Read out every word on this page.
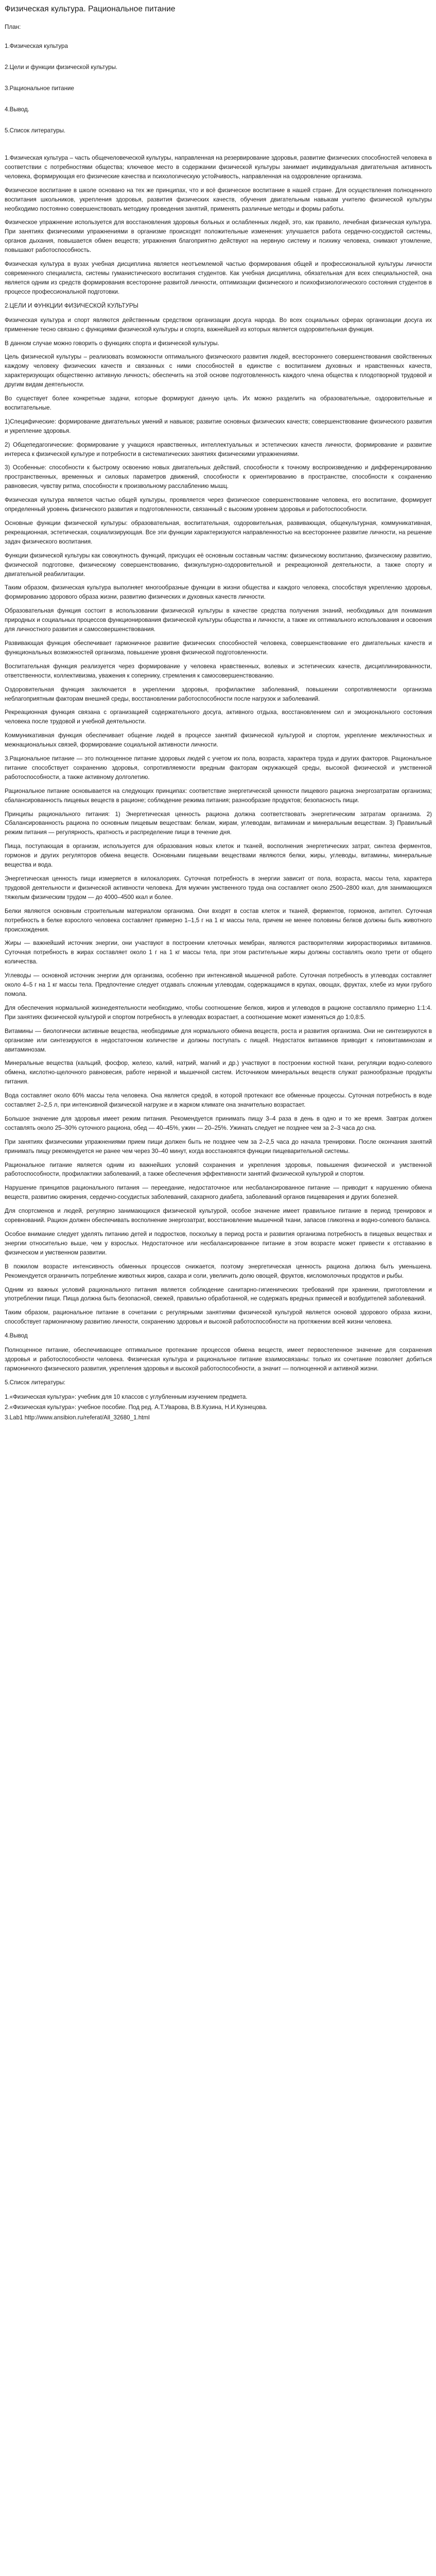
Физическая культура. Рациональное питание
План:
1.Физическая культура
2.Цели и функции физической культуры.
3.Рациональное питание
4.Вывод.
5.Список литературы.

1.Физическая культура – часть общечеловеческой культуры, направленная на резервирование здоровья, развитие физических способностей человека в соответствии с потребностями общества; ключевое место в содержании физической культуры занимает индивидуальная двигательная активность человека, формирующая его физические качества и психологическую устойчивость, направленная на оздоровление организма.

Физическое воспитание в школе основано на тех же принципах, что и всё физическое воспитание в нашей стране. Для осуществления полноценного воспитания школьников, укрепления здоровья, развития физических качеств, обучения двигательным навыкам учителю физической культуры необходимо постоянно совершенствовать методику проведения занятий, применять различные методы и формы работы.

Физическое упражнение используется для восстановления здоровья больных и ослабленных людей, это, как правило, лечебная физическая культура. При занятиях физическими упражнениями в организме происходят положительные изменения: улучшается работа сердечно-сосудистой системы, органов дыхания, повышается обмен веществ; упражнения благоприятно действуют на нервную систему и психику человека, снимают утомление, повышают работоспособность.

Физическая культура в вузах учебная дисциплина является неотъемлемой частью формирования общей и профессиональной культуры личности современного специалиста, системы гуманистического воспитания студентов. Как учебная дисциплина, обязательная для всех специальностей, она является одним из средств формирования всесторонне развитой личности, оптимизации физического и психофизиологического состояния студентов в процессе профессиональной подготовки.

2.ЦЕЛИ И ФУНКЦИИ ФИЗИЧЕСКОЙ КУЛЬТУРЫ

Физическая культура и спорт являются действенным средством организации досуга народа. Во всех социальных сферах организации досуга их применение тесно связано с функциями физической культуры и спорта, важнейшей из которых является оздоровительная функция.

В данном случае можно говорить о функциях спорта и физической культуры.

Цель физической культуры – реализовать возможности оптимального физического развития людей, всестороннего совершенствования свойственных каждому человеку физических качеств и связанных с ними способностей в единстве с воспитанием духовных и нравственных качеств, характеризующих общественно активную личность; обеспечить на этой основе подготовленность каждого члена общества к плодотворной трудовой и другим видам деятельности.

Во существует более конкретные задачи, которые формируют данную цель. Их можно разделить на образовательные, оздоровительные и воспитательные.

1)Специфические: формирование двигательных умений и навыков; развитие основных физических качеств; совершенствование физического развития и укрепление здоровья.

2) Общепедагогические: формирование у учащихся нравственных, интеллектуальных и эстетических качеств личности, формирование и развитие интереса к физической культуре и потребности в систематических занятиях физическими упражнениями.

3) Особенные: способности к быстрому освоению новых двигательных действий, способности к точному воспроизведению и дифференцированию пространственных, временных и силовых параметров движений, способности к ориентированию в пространстве, способности к сохранению равновесия, чувству ритма, способности к произвольному расслаблению мышц.

Физическая культура является частью общей культуры, проявляется через физическое совершенствование человека, его воспитание, формирует определенный уровень физического развития и подготовленности, связанный с высоким уровнем здоровья и работоспособности.

Основные функции физической культуры: образовательная, воспитательная, оздоровительная, развивающая, общекультурная, коммуникативная, рекреационная, эстетическая, социализирующая. Все эти функции характеризуются направленностью на всестороннее развитие личности, на решение задач физического воспитания.

Функции физической культуры как совокупность функций, присущих её основным составным частям: физическому воспитанию, физическому развитию, физической подготовке, физическому совершенствованию, физкультурно-оздоровительной и рекреационной деятельности, а также спорту и двигательной реабилитации.

Таким образом, физическая культура выполняет многообразные функции в жизни общества и каждого человека, способствуя укреплению здоровья, формированию здорового образа жизни, развитию физических и духовных качеств личности.

Образовательная функция состоит в использовании физической культуры в качестве средства получения знаний, необходимых для понимания природных и социальных процессов функционирования физической культуры общества и личности, а также их оптимального использования и освоения для личностного развития и самосовершенствования.

Развивающая функция обеспечивает гармоничное развитие физических способностей человека, совершенствование его двигательных качеств и функциональных возможностей организма, повышение уровня физической подготовленности.

Воспитательная функция реализуется через формирование у человека нравственных, волевых и эстетических качеств, дисциплинированности, ответственности, коллективизма, уважения к сопернику, стремления к самосовершенствованию.

Оздоровительная функция заключается в укреплении здоровья, профилактике заболеваний, повышении сопротивляемости организма неблагоприятным факторам внешней среды, восстановлении работоспособности после нагрузок и заболеваний.

Рекреационная функция связана с организацией содержательного досуга, активного отдыха, восстановлением сил и эмоционального состояния человека после трудовой и учебной деятельности.

Коммуникативная функция обеспечивает общение людей в процессе занятий физической культурой и спортом, укрепление межличностных и межнациональных связей, формирование социальной активности личности.

3.Рациональное питание — это полноценное питание здоровых людей с учетом их пола, возраста, характера труда и других факторов. Рациональное питание способствует сохранению здоровья, сопротивляемости вредным факторам окружающей среды, высокой физической и умственной работоспособности, а также активному долголетию.

Рациональное питание основывается на следующих принципах: соответствие энергетической ценности пищевого рациона энергозатратам организма; сбалансированность пищевых веществ в рационе; соблюдение режима питания; разнообразие продуктов; безопасность пищи.

Принципы рационального питания: 1) Энергетическая ценность рациона должна соответствовать энергетическим затратам организма. 2) Сбалансированность рациона по основным пищевым веществам: белкам, жирам, углеводам, витаминам и минеральным веществам. 3) Правильный режим питания — регулярность, кратность и распределение пищи в течение дня.

Пища, поступающая в организм, используется для образования новых клеток и тканей, восполнения энергетических затрат, синтеза ферментов, гормонов и других регуляторов обмена веществ. Основными пищевыми веществами являются белки, жиры, углеводы, витамины, минеральные вещества и вода.

Энергетическая ценность пищи измеряется в килокалориях. Суточная потребность в энергии зависит от пола, возраста, массы тела, характера трудовой деятельности и физической активности человека. Для мужчин умственного труда она составляет около 2500–2800 ккал, для занимающихся тяжелым физическим трудом — до 4000–4500 ккал и более.

Белки являются основным строительным материалом организма. Они входят в состав клеток и тканей, ферментов, гормонов, антител. Суточная потребность в белке взрослого человека составляет примерно 1–1,5 г на 1 кг массы тела, причем не менее половины белков должны быть животного происхождения.

Жиры — важнейший источник энергии, они участвуют в построении клеточных мембран, являются растворителями жирорастворимых витаминов. Суточная потребность в жирах составляет около 1 г на 1 кг массы тела, при этом растительные жиры должны составлять около трети от общего количества.

Углеводы — основной источник энергии для организма, особенно при интенсивной мышечной работе. Суточная потребность в углеводах составляет около 4–5 г на 1 кг массы тела. Предпочтение следует отдавать сложным углеводам, содержащимся в крупах, овощах, фруктах, хлебе из муки грубого помола.

Для обеспечения нормальной жизнедеятельности необходимо, чтобы соотношение белков, жиров и углеводов в рационе составляло примерно 1:1:4. При занятиях физической культурой и спортом потребность в углеводах возрастает, а соотношение может изменяться до 1:0,8:5.

Витамины — биологически активные вещества, необходимые для нормального обмена веществ, роста и развития организма. Они не синтезируются в организме или синтезируются в недостаточном количестве и должны поступать с пищей. Недостаток витаминов приводит к гиповитаминозам и авитаминозам.

Минеральные вещества (кальций, фосфор, железо, калий, натрий, магний и др.) участвуют в построении костной ткани, регуляции водно-солевого обмена, кислотно-щелочного равновесия, работе нервной и мышечной систем. Источником минеральных веществ служат разнообразные продукты питания.

Вода составляет около 60% массы тела человека. Она является средой, в которой протекают все обменные процессы. Суточная потребность в воде составляет 2–2,5 л, при интенсивной физической нагрузке и в жарком климате она значительно возрастает.

Большое значение для здоровья имеет режим питания. Рекомендуется принимать пищу 3–4 раза в день в одно и то же время. Завтрак должен составлять около 25–30% суточного рациона, обед — 40–45%, ужин — 20–25%. Ужинать следует не позднее чем за 2–3 часа до сна.

При занятиях физическими упражнениями прием пищи должен быть не позднее чем за 2–2,5 часа до начала тренировки. После окончания занятий принимать пищу рекомендуется не ранее чем через 30–40 минут, когда восстановятся функции пищеварительной системы.

Рациональное питание является одним из важнейших условий сохранения и укрепления здоровья, повышения физической и умственной работоспособности, профилактики заболеваний, а также обеспечения эффективности занятий физической культурой и спортом.

Нарушение принципов рационального питания — переедание, недостаточное или несбалансированное питание — приводит к нарушению обмена веществ, развитию ожирения, сердечно-сосудистых заболеваний, сахарного диабета, заболеваний органов пищеварения и других болезней.

Для спортсменов и людей, регулярно занимающихся физической культурой, особое значение имеет правильное питание в период тренировок и соревнований. Рацион должен обеспечивать восполнение энергозатрат, восстановление мышечной ткани, запасов гликогена и водно-солевого баланса.

Особое внимание следует уделять питанию детей и подростков, поскольку в период роста и развития организма потребность в пищевых веществах и энергии относительно выше, чем у взрослых. Недостаточное или несбалансированное питание в этом возрасте может привести к отставанию в физическом и умственном развитии.

В пожилом возрасте интенсивность обменных процессов снижается, поэтому энергетическая ценность рациона должна быть уменьшена. Рекомендуется ограничить потребление животных жиров, сахара и соли, увеличить долю овощей, фруктов, кисломолочных продуктов и рыбы.

Одним из важных условий рационального питания является соблюдение санитарно-гигиенических требований при хранении, приготовлении и употреблении пищи. Пища должна быть безопасной, свежей, правильно обработанной, не содержать вредных примесей и возбудителей заболеваний.

Таким образом, рациональное питание в сочетании с регулярными занятиями физической культурой является основой здорового образа жизни, способствует гармоничному развитию личности, сохранению здоровья и высокой работоспособности на протяжении всей жизни человека.

4.Вывод

Полноценное питание, обеспечивающее оптимальное протекание процессов обмена веществ, имеет первостепенное значение для сохранения здоровья и работоспособности человека. Физическая культура и рациональное питание взаимосвязаны: только их сочетание позволяет добиться гармоничного физического развития, укрепления здоровья и высокой работоспособности, а значит — полноценной и активной жизни.

5.Список литературы:
1.«Физическая культура»: учебник для 10 классов с углубленным изучением предмета.
2.«Физическая культура»: учебное пособие. Под ред. А.Т.Уварова, В.В.Кузина, Н.И.Кузнецова.
3.Lab1 http://www.ansibion.ru/referat/All_32680_1.html
